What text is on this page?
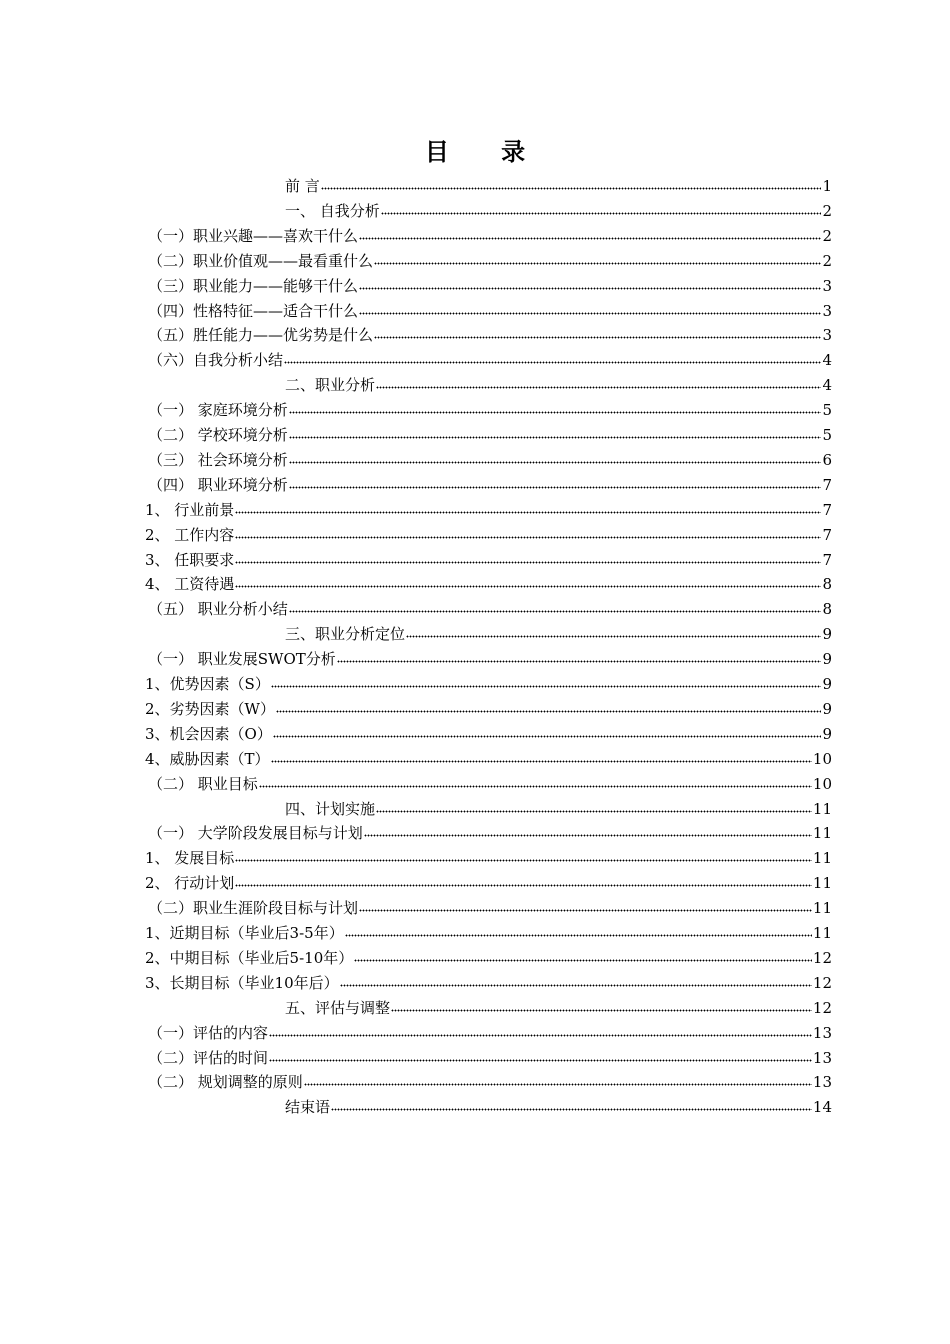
目 录
前 言	1
一、 自我分析	2
（一）职业兴趣——喜欢干什么	2
（二）职业价值观——最看重什么	2
（三）职业能力——能够干什么	3
（四）性格特征——适合干什么	3
（五）胜任能力——优劣势是什么	3
（六）自我分析小结	4
二、职业分析	4
（一） 家庭环境分析	5
（二） 学校环境分析	5
（三） 社会环境分析	6
（四） 职业环境分析	7
1、 行业前景	7
2、 工作内容	7
3、 任职要求	7
4、 工资待遇	8
（五） 职业分析小结	8
三、职业分析定位	9
（一） 职业发展SWOT分析	9
1、优势因素（S）	9
2、劣势因素（W）	9
3、机会因素（O）	9
4、威胁因素（T）	10
（二） 职业目标	10
四、计划实施	11
（一） 大学阶段发展目标与计划	11
1、 发展目标	11
2、 行动计划	11
（二）职业生涯阶段目标与计划	11
1、近期目标（毕业后3-5年）	11
2、中期目标（毕业后5-10年）	12
3、长期目标（毕业10年后）	12
五、评估与调整	12
（一）评估的内容	13
（二）评估的时间	13
（二） 规划调整的原则	13
结束语	14
